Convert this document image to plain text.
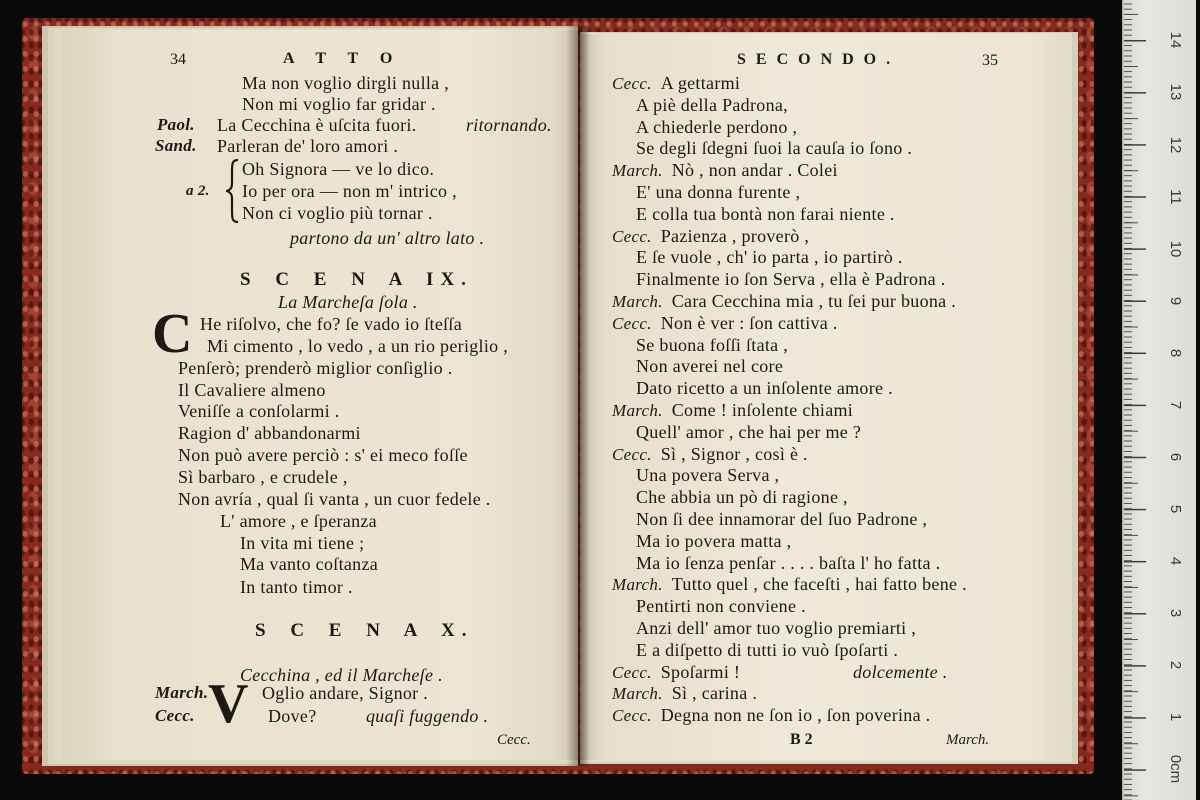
34	A T T O
Ma non voglio dirgli nulla ,
Non mi voglio far gridar .
Paol. La Cecchina è uſcita fuori.	ritornando.
Sand. Parleran de' loro amori .
a 2.
Oh Signora — ve lo dico.
Io per ora — non m' intrico ,
Non ci voglio più tornar .
partono da un' altro lato .
S C E N A IX.
La Marcheſa ſola .
C He riſolvo, che fo? ſe vado io ſteſſa
Mi cimento , lo vedo , a un rio periglio ,
Penſerò; prenderò miglior conſiglio .
Il Cavaliere almeno
Veniſſe a conſolarmi .
Ragion d' abbandonarmi
Non può avere perciò : s' ei meco foſſe
Sì barbaro , e crudele ,
Non avría , qual ſi vanta , un cuor fedele .
L' amore , e ſperanza
In vita mi tiene ;
Ma vanto coſtanza
In tanto timor .
S C E N A X.
Cecchina , ed il Marcheſe .
V
March.	Oglio andare, Signor .
Cecc.	Dove?	quaſi fuggendo .
Cecc.
S E C O N D O .	35
Cecc. A gettarmi
A piè della Padrona,
A chiederle perdono ,
Se degli ſdegni ſuoi la cauſa io ſono .
March. Nò , non andar . Colei
E' una donna furente ,
E colla tua bontà non farai niente .
Cecc. Pazienza , proverò ,
E ſe vuole , ch' io parta , io partirò .
Finalmente io ſon Serva , ella è Padrona .
March. Cara Cecchina mia , tu ſei pur buona .
Cecc. Non è ver : ſon cattiva .
Se buona foſſi ſtata ,
Non averei nel core
Dato ricetto a un inſolente amore .
March. Come ! inſolente chiami
Quell' amor , che hai per me ?
Cecc. Sì , Signor , così è .
Una povera Serva ,
Che abbia un pò di ragione ,
Non ſi dee innamorar del ſuo Padrone ,
Ma io povera matta ,
Ma io ſenza penſar . . . . baſta l' ho fatta .
March. Tutto quel , che faceſti , hai fatto bene .
Pentirti non conviene .
Anzi dell' amor tuo voglio premiarti ,
E a diſpetto di tutti io vuò ſpoſarti .
Cecc. Spoſarmi !	dolcemente .
March. Sì , carina .
Cecc. Degna non ne ſon io , ſon poverina .
B 2	March.
14
13
12
11
10
9
8
7
6
5
4
3
2
1
0cm
